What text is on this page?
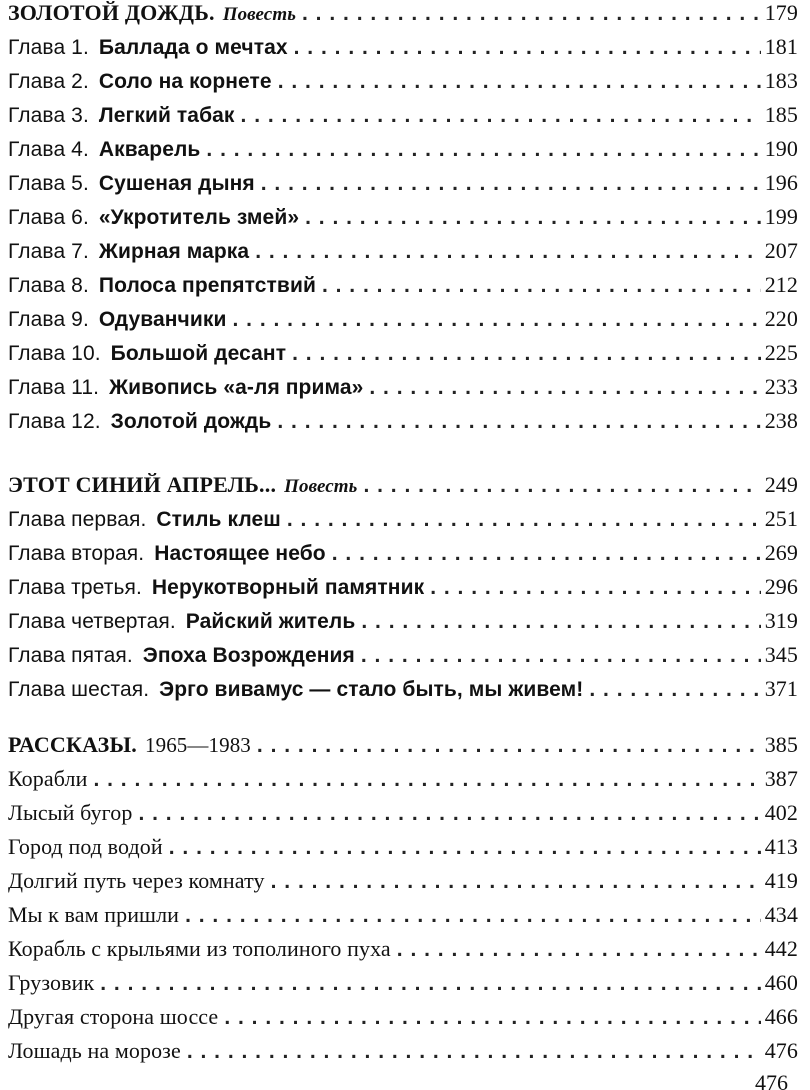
ЗОЛОТОЙ ДОЖДЬ. Повесть . . .	179
Глава 1. Баллада о мечтах . . .	181
Глава 2. Соло на корнете . . .	183
Глава 3. Легкий табак . . .	185
Глава 4. Акварель . . .	190
Глава 5. Сушеная дыня . . .	196
Глава 6. «Укротитель змей» . . .	199
Глава 7. Жирная марка . . .	207
Глава 8. Полоса препятствий . . .	212
Глава 9. Одуванчики . . .	220
Глава 10. Большой десант . . .	225
Глава 11. Живопись «а-ля прима» . . .	233
Глава 12. Золотой дождь . . .	238
ЭТОТ СИНИЙ АПРЕЛЬ... Повесть . . .	249
Глава первая. Стиль клеш . . .	251
Глава вторая. Настоящее небо . . .	269
Глава третья. Нерукотворный памятник . . .	296
Глава четвертая. Райский житель . . .	319
Глава пятая. Эпоха Возрождения . . .	345
Глава шестая. Эрго вивамус — стало быть, мы живем! . . .	371
РАССКАЗЫ. 1965—1983 . . .	385
Корабли . . .	387
Лысый бугор . . .	402
Город под водой . . .	413
Долгий путь через комнату . . .	419
Мы к вам пришли . . .	434
Корабль с крыльями из тополиного пуха . . .	442
Грузовик . . .	460
Другая сторона шоссе . . .	466
Лошадь на морозе . . .	476
476
